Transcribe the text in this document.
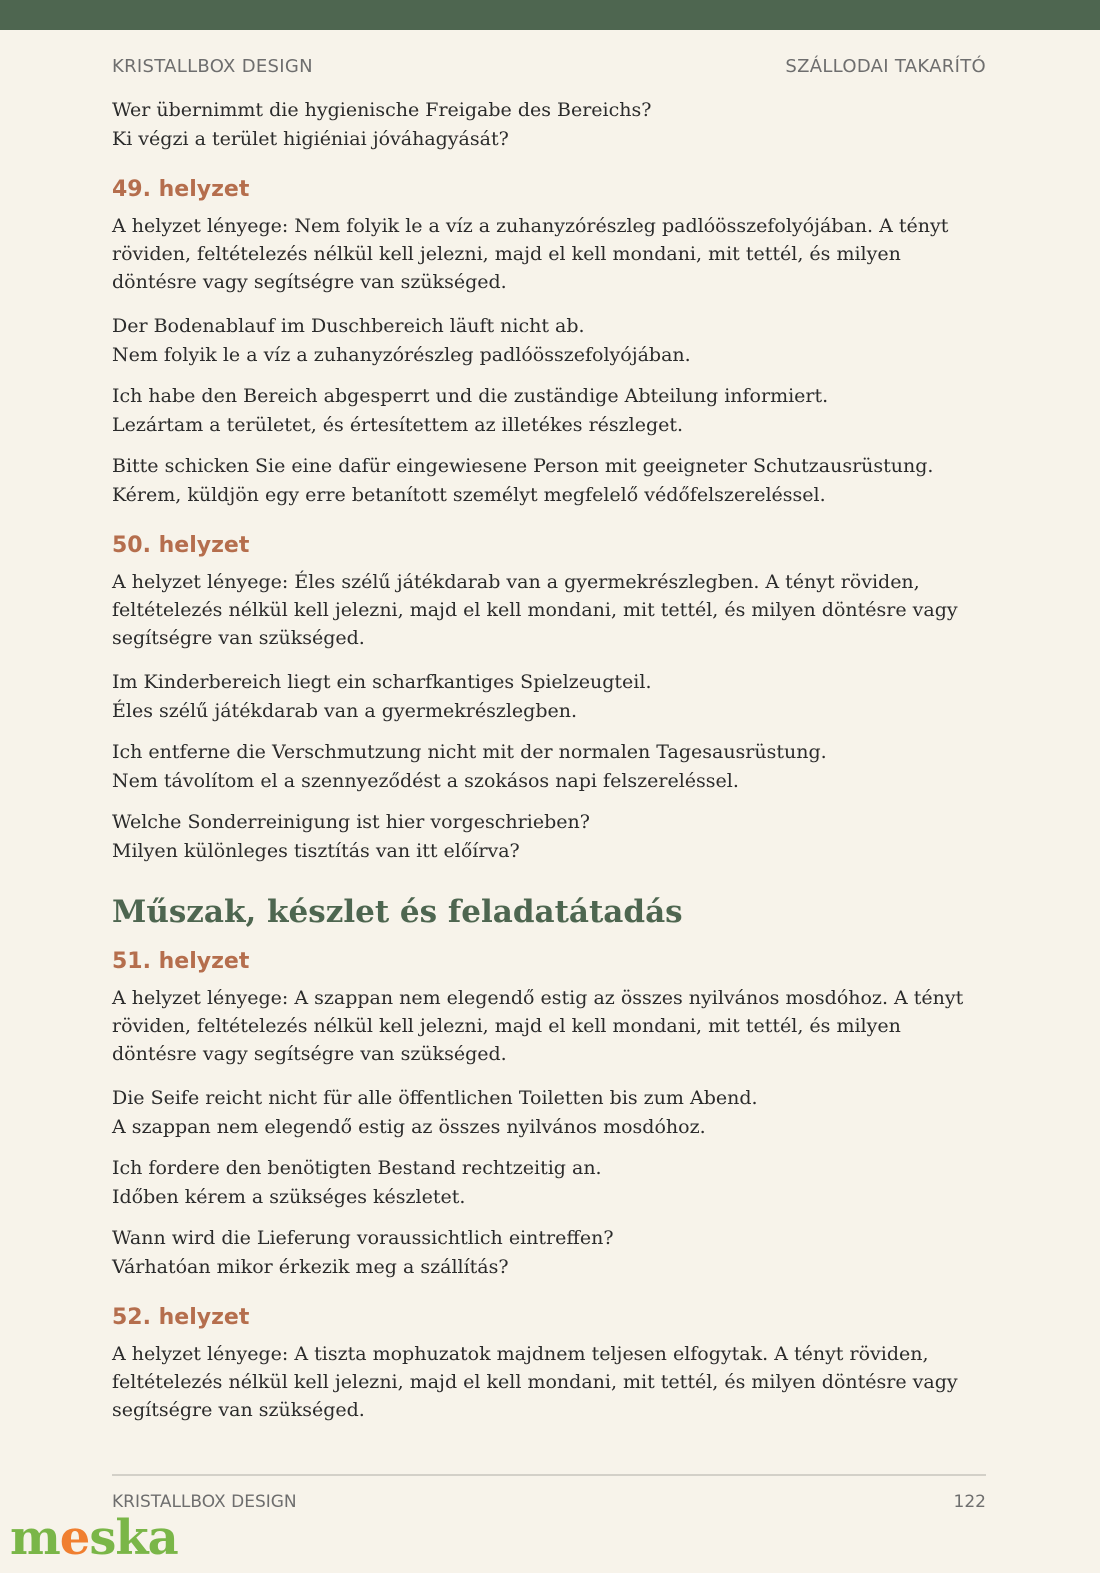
KRISTALLBOX DESIGN	SZÁLLODAI TAKARÍTÓ

Wer übernimmt die hygienische Freigabe des Bereichs?

Ki végzi a terület higiéniai jóváhagyását?

49. helyzet

A helyzet lényege: Nem folyik le a víz a zuhanyzórészleg padlóösszefolyójában. A tényt röviden, feltételezés nélkül kell jelezni, majd el kell mondani, mit tettél, és milyen döntésre vagy segítségre van szükséged.

Der Bodenablauf im Duschbereich läuft nicht ab.

Nem folyik le a víz a zuhanyzórészleg padlóösszefolyójában.

Ich habe den Bereich abgesperrt und die zuständige Abteilung informiert.

Lezártam a területet, és értesítettem az illetékes részleget.

Bitte schicken Sie eine dafür eingewiesene Person mit geeigneter Schutzausrüstung.

Kérem, küldjön egy erre betanított személyt megfelelő védőfelszereléssel.

50. helyzet

A helyzet lényege: Éles szélű játékdarab van a gyermekrészlegben. A tényt röviden, feltételezés nélkül kell jelezni, majd el kell mondani, mit tettél, és milyen döntésre vagy segítségre van szükséged.

Im Kinderbereich liegt ein scharfkantiges Spielzeugteil.

Éles szélű játékdarab van a gyermekrészlegben.

Ich entferne die Verschmutzung nicht mit der normalen Tagesausrüstung.

Nem távolítom el a szennyeződést a szokásos napi felszereléssel.

Welche Sonderreinigung ist hier vorgeschrieben?

Milyen különleges tisztítás van itt előírva?

Műszak, készlet és feladatátadás
51. helyzet

A helyzet lényege: A szappan nem elegendő estig az összes nyilvános mosdóhoz. A tényt röviden, feltételezés nélkül kell jelezni, majd el kell mondani, mit tettél, és milyen döntésre vagy segítségre van szükséged.

Die Seife reicht nicht für alle öffentlichen Toiletten bis zum Abend.

A szappan nem elegendő estig az összes nyilvános mosdóhoz.

Ich fordere den benötigten Bestand rechtzeitig an.

Időben kérem a szükséges készletet.

Wann wird die Lieferung voraussichtlich eintreffen?

Várhatóan mikor érkezik meg a szállítás?

52. helyzet

A helyzet lényege: A tiszta mophuzatok majdnem teljesen elfogytak. A tényt röviden, feltételezés nélkül kell jelezni, majd el kell mondani, mit tettél, és milyen döntésre vagy segítségre van szükséged.

KRISTALLBOX DESIGN	122
meska
